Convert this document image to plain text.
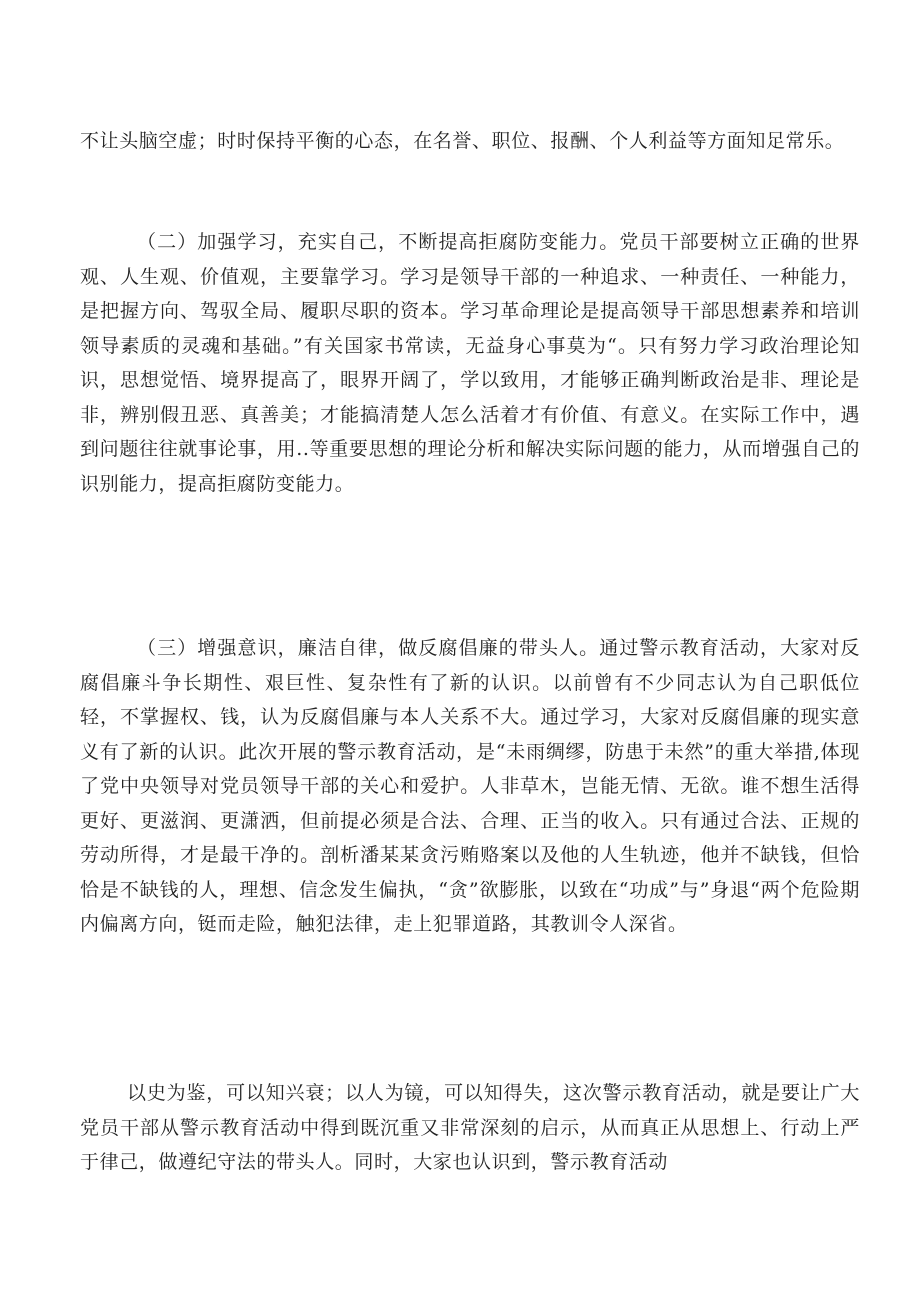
不让头脑空虚；时时保持平衡的心态，在名誉、职位、报酬、个人利益等方面知足常乐。

（二）加强学习，充实自己，不断提高拒腐防变能力。党员干部要树立正确的世界观、人生观、价值观，主要靠学习。学习是领导干部的一种追求、一种责任、一种能力，是把握方向、驾驭全局、履职尽职的资本。学习革命理论是提高领导干部思想素养和培训领导素质的灵魂和基础。”有关国家书常读，无益身心事莫为“。只有努力学习政治理论知识，思想觉悟、境界提高了，眼界开阔了，学以致用，才能够正确判断政治是非、理论是非，辨别假丑恶、真善美；才能搞清楚人怎么活着才有价值、有意义。在实际工作中，遇到问题往往就事论事，用..等重要思想的理论分析和解决实际问题的能力，从而增强自己的识别能力，提高拒腐防变能力。

（三）增强意识，廉洁自律，做反腐倡廉的带头人。通过警示教育活动，大家对反腐倡廉斗争长期性、艰巨性、复杂性有了新的认识。以前曾有不少同志认为自己职低位轻，不掌握权、钱，认为反腐倡廉与本人关系不大。通过学习，大家对反腐倡廉的现实意义有了新的认识。此次开展的警示教育活动，是“未雨绸缪，防患于未然”的重大举措,体现了党中央领导对党员领导干部的关心和爱护。人非草木，岂能无情、无欲。谁不想生活得更好、更滋润、更潇洒，但前提必须是合法、合理、正当的收入。只有通过合法、正规的劳动所得，才是最干净的。剖析潘某某贪污贿赂案以及他的人生轨迹，他并不缺钱，但恰恰是不缺钱的人，理想、信念发生偏执，“贪”欲膨胀，以致在“功成”与”身退“两个危险期内偏离方向，铤而走险，触犯法律，走上犯罪道路，其教训令人深省。

以史为鉴，可以知兴衰；以人为镜，可以知得失，这次警示教育活动，就是要让广大党员干部从警示教育活动中得到既沉重又非常深刻的启示，从而真正从思想上、行动上严于律己，做遵纪守法的带头人。同时，大家也认识到，警示教育活动
